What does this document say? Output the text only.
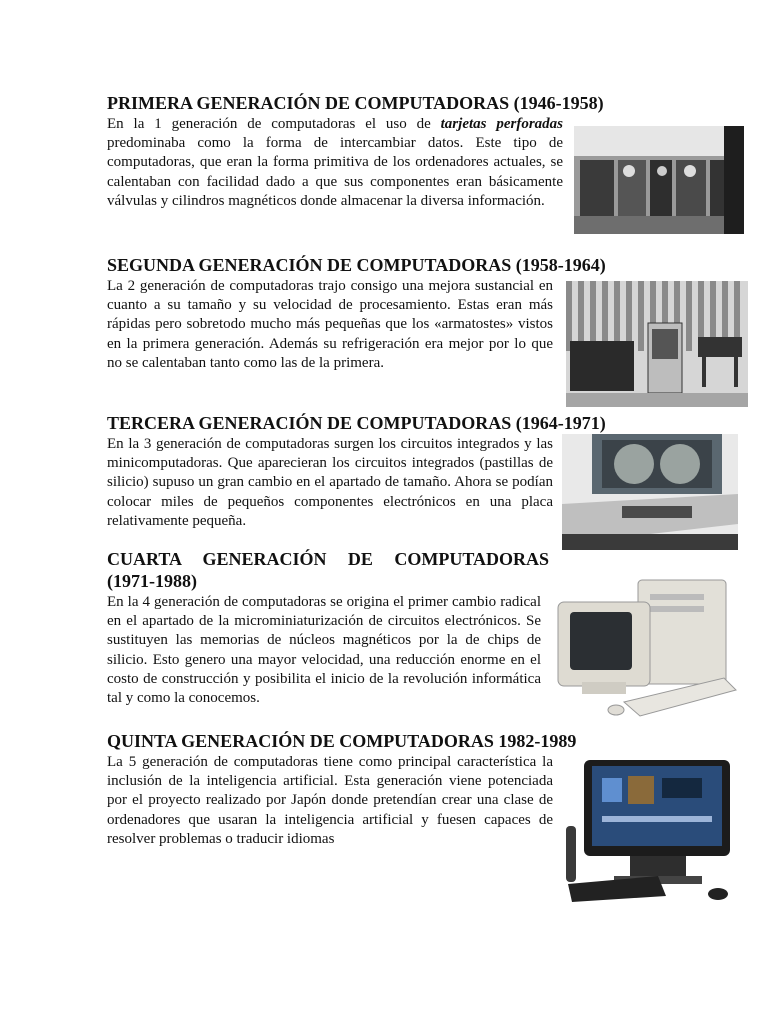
PRIMERA GENERACIÓN DE COMPUTADORAS (1946-1958)

En la 1 generación de computadoras el uso de tarjetas perforadas predominaba como la forma de intercambiar datos. Este tipo de computadoras, que eran la forma primitiva de los ordenadores actuales, se calentaban con facilidad dado a que sus componentes eran básicamente válvulas y cilindros magnéticos donde almacenar la diversa información.

SEGUNDA GENERACIÓN DE COMPUTADORAS (1958-1964)

La 2 generación de computadoras trajo consigo una mejora sustancial en cuanto a su tamaño y su velocidad de procesamiento. Estas eran más rápidas pero sobretodo mucho más pequeñas que los «armatostes» vistos en la primera generación. Además su refrigeración era mejor por lo que no se calentaban tanto como las de la primera.

TERCERA GENERACIÓN DE COMPUTADORAS (1964-1971)

En la 3 generación de computadoras surgen los circuitos integrados y las minicomputadoras. Que aparecieran los circuitos integrados (pastillas de silicio) supuso un gran cambio en el apartado de tamaño. Ahora se podían colocar miles de pequeños componentes electrónicos en una placa relativamente pequeña.

CUARTA GENERACIÓN DE COMPUTADORAS
(1971-1988)

En la 4 generación de computadoras se origina el primer cambio radical en el apartado de la microminiaturización de circuitos electrónicos. Se sustituyen las memorias de núcleos magnéticos por la de chips de silicio. Esto genero una mayor velocidad, una reducción enorme en el costo de construcción y posibilita el inicio de la revolución informática tal y como la conocemos.

QUINTA GENERACIÓN DE COMPUTADORAS 1982-1989

La 5 generación de computadoras tiene como principal característica la inclusión de la inteligencia artificial. Esta generación viene potenciada por el proyecto realizado por Japón donde pretendían crear una clase de ordenadores que usaran la inteligencia artificial y fuesen capaces de resolver problemas o traducir idiomas
